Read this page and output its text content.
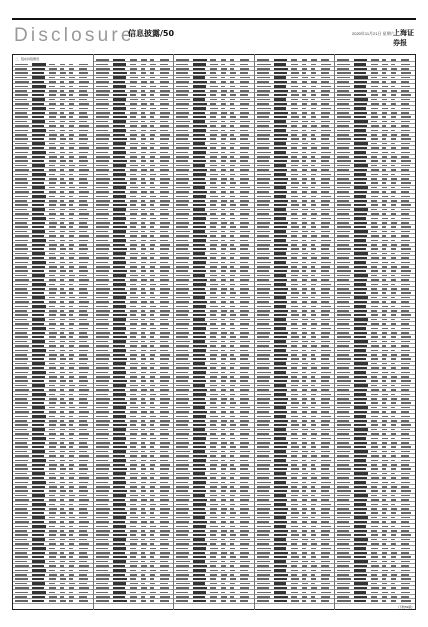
Disclosure
信息披露/50	2020年11月21日 星期六
上海证券报
二、股东持股情况
(下转51版)
